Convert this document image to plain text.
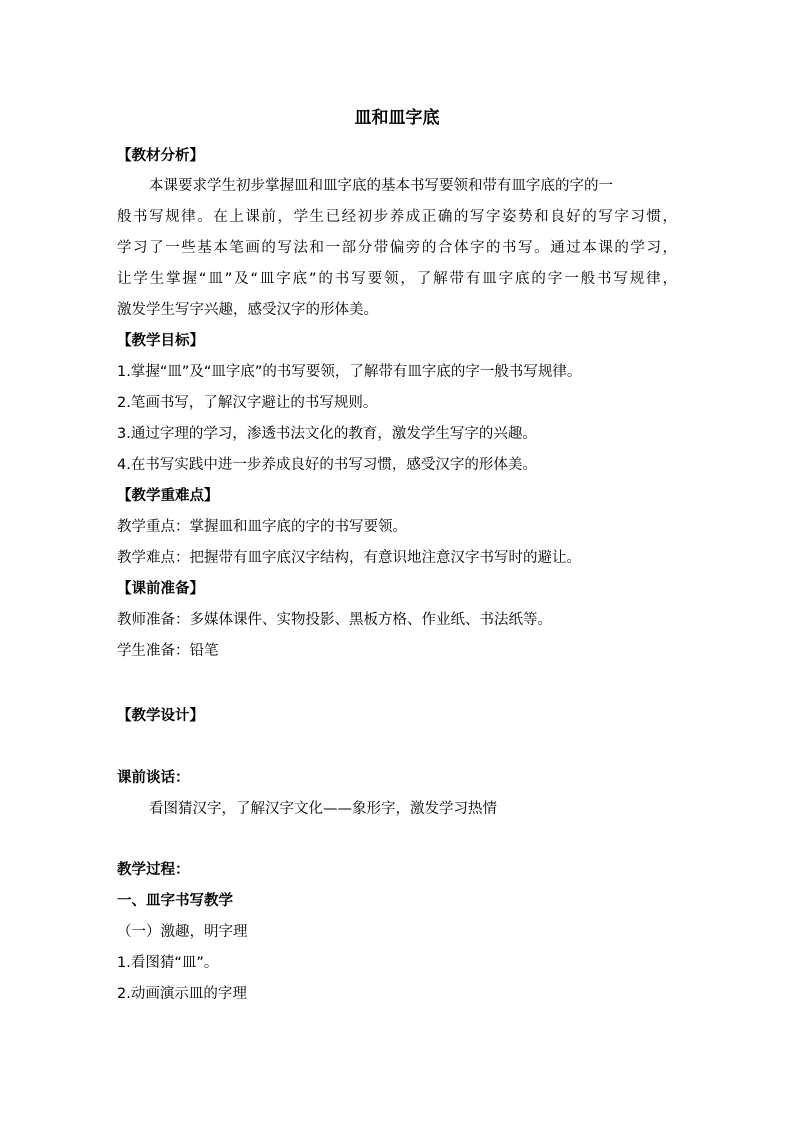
皿和皿字底

【教材分析】

本课要求学生初步掌握皿和皿字底的基本书写要领和带有皿字底的字的一

般书写规律。在上课前，学生已经初步养成正确的写字姿势和良好的写字习惯，

学习了一些基本笔画的写法和一部分带偏旁的合体字的书写。通过本课的学习，

让学生掌握“皿”及“皿字底”的书写要领，了解带有皿字底的字一般书写规律，

激发学生写字兴趣，感受汉字的形体美。

【教学目标】

1.掌握“皿”及“皿字底”的书写要领，了解带有皿字底的字一般书写规律。

2.笔画书写，了解汉字避让的书写规则。

3.通过字理的学习，渗透书法文化的教育，激发学生写字的兴趣。

4.在书写实践中进一步养成良好的书写习惯，感受汉字的形体美。

【教学重难点】

教学重点：掌握皿和皿字底的字的书写要领。

教学难点：把握带有皿字底汉字结构，有意识地注意汉字书写时的避让。

【课前准备】

教师准备：多媒体课件、实物投影、黑板方格、作业纸、书法纸等。

学生准备：铅笔

【教学设计】

课前谈话：

看图猜汉字，了解汉字文化——象形字，激发学习热情

教学过程：

一、皿字书写教学

（一）激趣，明字理

1.看图猜“皿”。

2.动画演示皿的字理
